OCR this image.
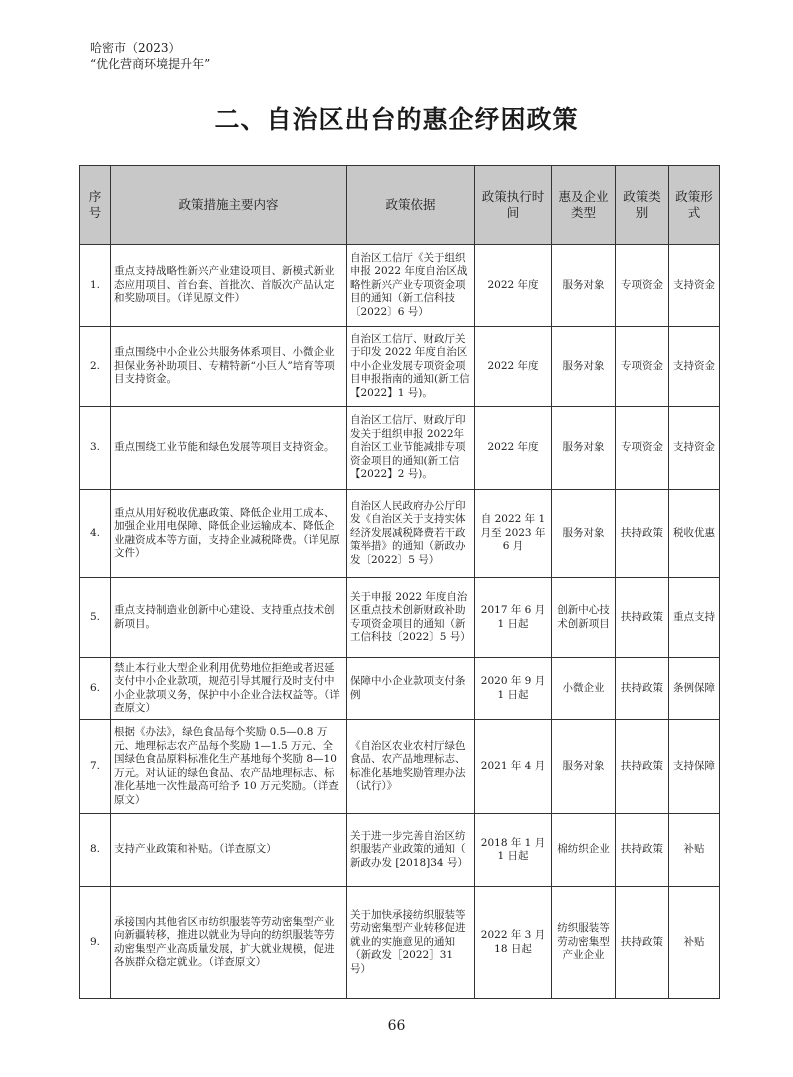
哈密市（2023）
“优化营商环境提升年”
二、自治区出台的惠企纾困政策
序号	政策措施主要内容	政策依据	政策执行时间	惠及企业类型	政策类别	政策形式
1.	重点支持战略性新兴产业建设项目、新模式新业态应用项目、首台套、首批次、首版次产品认定和奖励项目。（详见原文件）	自治区工信厅《关于组织申报 2022 年度自治区战略性新兴产业专项资金项目的通知（新工信科技〔2022〕6 号）	2022 年度	服务对象	专项资金	支持资金
2.	重点围绕中小企业公共服务体系项目、小微企业担保业务补助项目、专精特新“小巨人”培育等项目支持资金。	自治区工信厅、财政厅关于印发 2022 年度自治区中小企业发展专项资金项目申报指南的通知(新工信【2022】1 号)。	2022 年度	服务对象	专项资金	支持资金
3.	重点围绕工业节能和绿色发展等项目支持资金。	自治区工信厅、财政厅印发关于组织申报 2022年自治区工业节能减排专项资金项目的通知(新工信【2022】2 号)。	2022 年度	服务对象	专项资金	支持资金
4.	重点从用好税收优惠政策、降低企业用工成本、加强企业用电保障、降低企业运输成本、降低企业融资成本等方面，支持企业减税降费。（详见原文件）	自治区人民政府办公厅印发《自治区关于支持实体经济发展减税降费若干政策举措》的通知（新政办发〔2022〕5 号）	自 2022 年 1 月至 2023 年 6 月	服务对象	扶持政策	税收优惠
5.	重点支持制造业创新中心建设、支持重点技术创新项目。	关于申报 2022 年度自治区重点技术创新财政补助专项资金项目的通知（新工信科技〔2022〕5 号）	2017 年 6 月 1 日起	创新中心技术创新项目	扶持政策	重点支持
6.	禁止本行业大型企业利用优势地位拒绝或者迟延支付中小企业款项，规范引导其履行及时支付中小企业款项义务，保护中小企业合法权益等。（详查原文）	保障中小企业款项支付条例	2020 年 9 月 1 日起	小微企业	扶持政策	条例保障
7.	根据《办法》，绿色食品每个奖励 0.5—0.8 万元、地理标志农产品每个奖励 1—1.5 万元、全国绿色食品原料标准化生产基地每个奖励 8—10 万元。对认证的绿色食品、农产品地理标志、标准化基地一次性最高可给予 10 万元奖励。（详查原文）	《自治区农业农村厅绿色食品、农产品地理标志、标准化基地奖励管理办法（试行）》	2021 年 4 月	服务对象	扶持政策	支持保障
8.	支持产业政策和补贴。（详查原文）	关于进一步完善自治区纺织服装产业政策的通知（ 新政办发 [2018]34 号）	2018 年 1 月 1 日起	棉纺织企业	扶持政策	补贴
9.	承接国内其他省区市纺织服装等劳动密集型产业向新疆转移，推进以就业为导向的纺织服装等劳动密集型产业高质量发展，扩大就业规模，促进各族群众稳定就业。（详查原文）	关于加快承接纺织服装等劳动密集型产业转移促进就业的实施意见的通知（新政发［2022］31 号）	2022 年 3 月 18 日起	纺织服装等劳动密集型产业企业	扶持政策	补贴
66
